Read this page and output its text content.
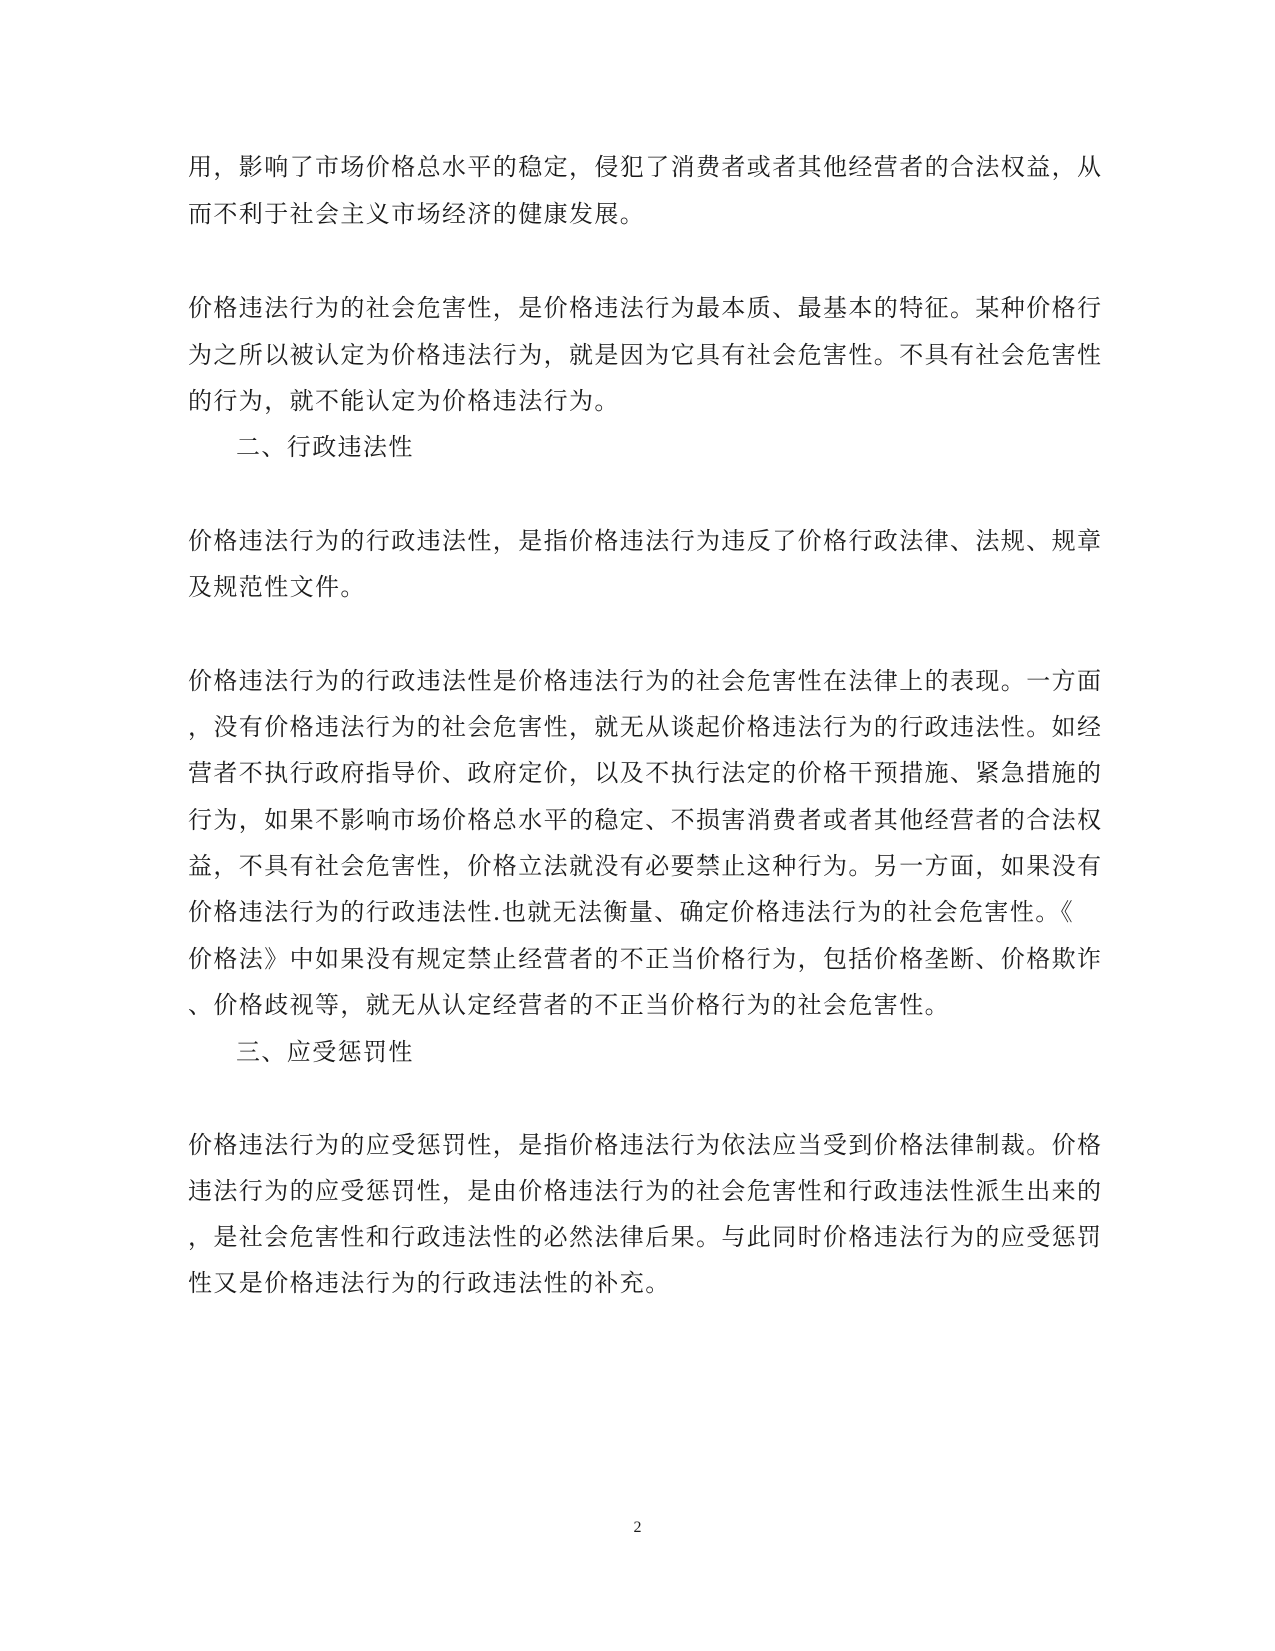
用，影响了市场价格总水平的稳定，侵犯了消费者或者其他经营者的合法权益，从
而不利于社会主义市场经济的健康发展。
价格违法行为的社会危害性，是价格违法行为最本质、最基本的特征。某种价格行
为之所以被认定为价格违法行为，就是因为它具有社会危害性。不具有社会危害性
的行为，就不能认定为价格违法行为。
二、行政违法性
价格违法行为的行政违法性，是指价格违法行为违反了价格行政法律、法规、规章
及规范性文件。
价格违法行为的行政违法性是价格违法行为的社会危害性在法律上的表现。一方面
，没有价格违法行为的社会危害性，就无从谈起价格违法行为的行政违法性。如经
营者不执行政府指导价、政府定价，以及不执行法定的价格干预措施、紧急措施的
行为，如果不影响市场价格总水平的稳定、不损害消费者或者其他经营者的合法权
益，不具有社会危害性，价格立法就没有必要禁止这种行为。另一方面，如果没有
价格违法行为的行政违法性.也就无法衡量、确定价格违法行为的社会危害性。《
价格法》中如果没有规定禁止经营者的不正当价格行为，包括价格垄断、价格欺诈
、价格歧视等，就无从认定经营者的不正当价格行为的社会危害性。
三、应受惩罚性
价格违法行为的应受惩罚性，是指价格违法行为依法应当受到价格法律制裁。价格
违法行为的应受惩罚性，是由价格违法行为的社会危害性和行政违法性派生出来的
，是社会危害性和行政违法性的必然法律后果。与此同时价格违法行为的应受惩罚
性又是价格违法行为的行政违法性的补充。
2
